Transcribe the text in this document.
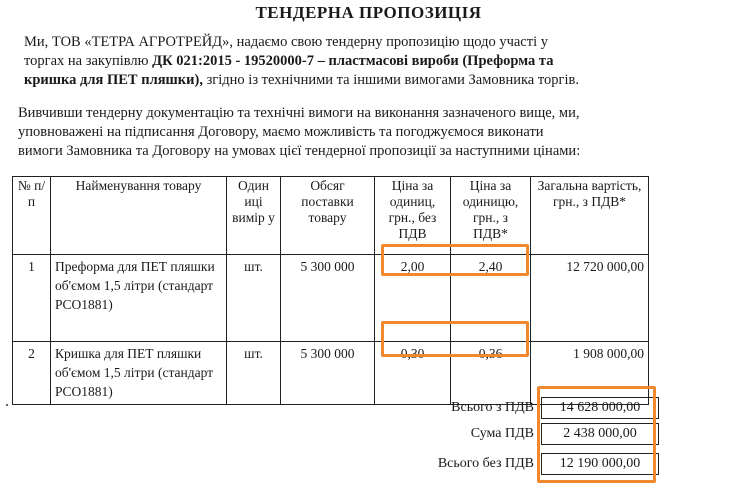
ТЕНДЕРНА ПРОПОЗИЦІЯ
Ми, ТОВ «ТЕТРА АГРОТРЕЙД», надаємо свою тендерну пропозицію щодо участі у
торгах на закупівлю ДК 021:2015 - 19520000-7 – пластмасові вироби (Преформа та
кришка для ПЕТ пляшки), згідно із технічними та іншими вимогами Замовника торгів.
Вивчивши тендерну документацію та технічні вимоги на виконання зазначеного вище, ми,
уповноважені на підписання Договору, маємо можливість та погоджуємося виконати
вимоги Замовника та Договору на умовах цієї тендерної пропозиції за наступними цінами:
№ п/п	Найменування товару	Один иці вимір у	Обсяг поставки товару	Ціна за одиниц, грн., без ПДВ	Ціна за одиницю, грн., з ПДВ*	Загальна вартість, грн., з ПДВ*
1	Преформа для ПЕТ пляшки об'ємом 1,5 літри (стандарт PCO1881)	шт.	5 300 000	2,00	2,40	12 720 000,00
2	Кришка для ПЕТ пляшки об'ємом 1,5 літри (стандарт PCO1881)	шт.	5 300 000	0,30	0,36	1 908 000,00
Всього з ПДВ	14 628 000,00
Сума ПДВ	2 438 000,00
Всього без ПДВ	12 190 000,00
